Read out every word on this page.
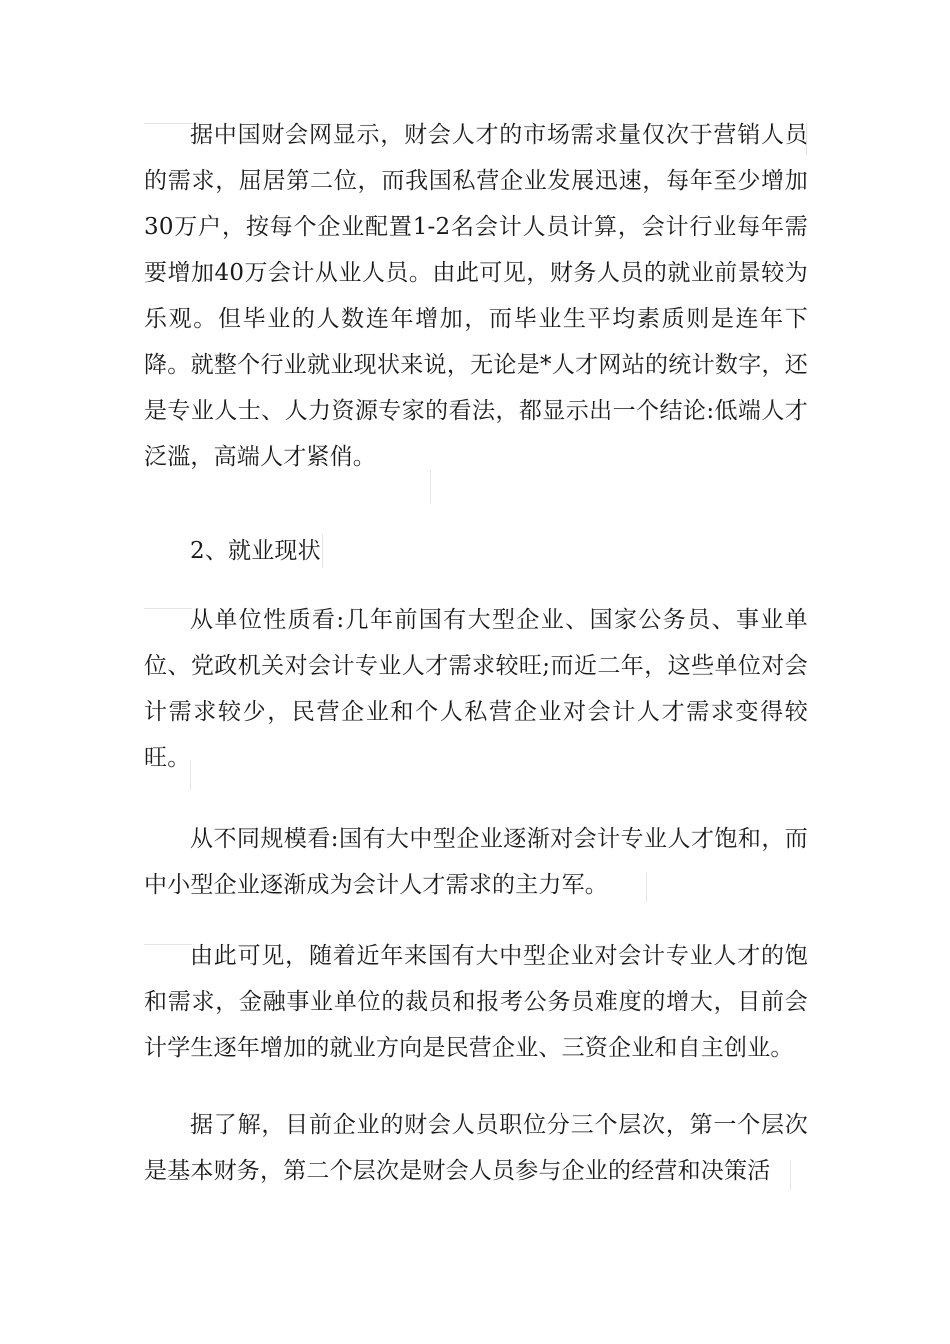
据中国财会网显示，财会人才的市场需求量仅次于营销人员的需求，屈居第二位，而我国私营企业发展迅速，每年至少增加30万户，按每个企业配置1-2名会计人员计算，会计行业每年需要增加40万会计从业人员。由此可见，财务人员的就业前景较为乐观。但毕业的人数连年增加，而毕业生平均素质则是连年下降。就整个行业就业现状来说，无论是*人才网站的统计数字，还是专业人士、人力资源专家的看法，都显示出一个结论:低端人才泛滥，高端人才紧俏。

2、就业现状

从单位性质看:几年前国有大型企业、国家公务员、事业单位、党政机关对会计专业人才需求较旺;而近二年，这些单位对会计需求较少，民营企业和个人私营企业对会计人才需求变得较旺。

从不同规模看:国有大中型企业逐渐对会计专业人才饱和，而中小型企业逐渐成为会计人才需求的主力军。

由此可见，随着近年来国有大中型企业对会计专业人才的饱和需求，金融事业单位的裁员和报考公务员难度的增大，目前会计学生逐年增加的就业方向是民营企业、三资企业和自主创业。

据了解，目前企业的财会人员职位分三个层次，第一个层次是基本财务，第二个层次是财会人员参与企业的经营和决策活
